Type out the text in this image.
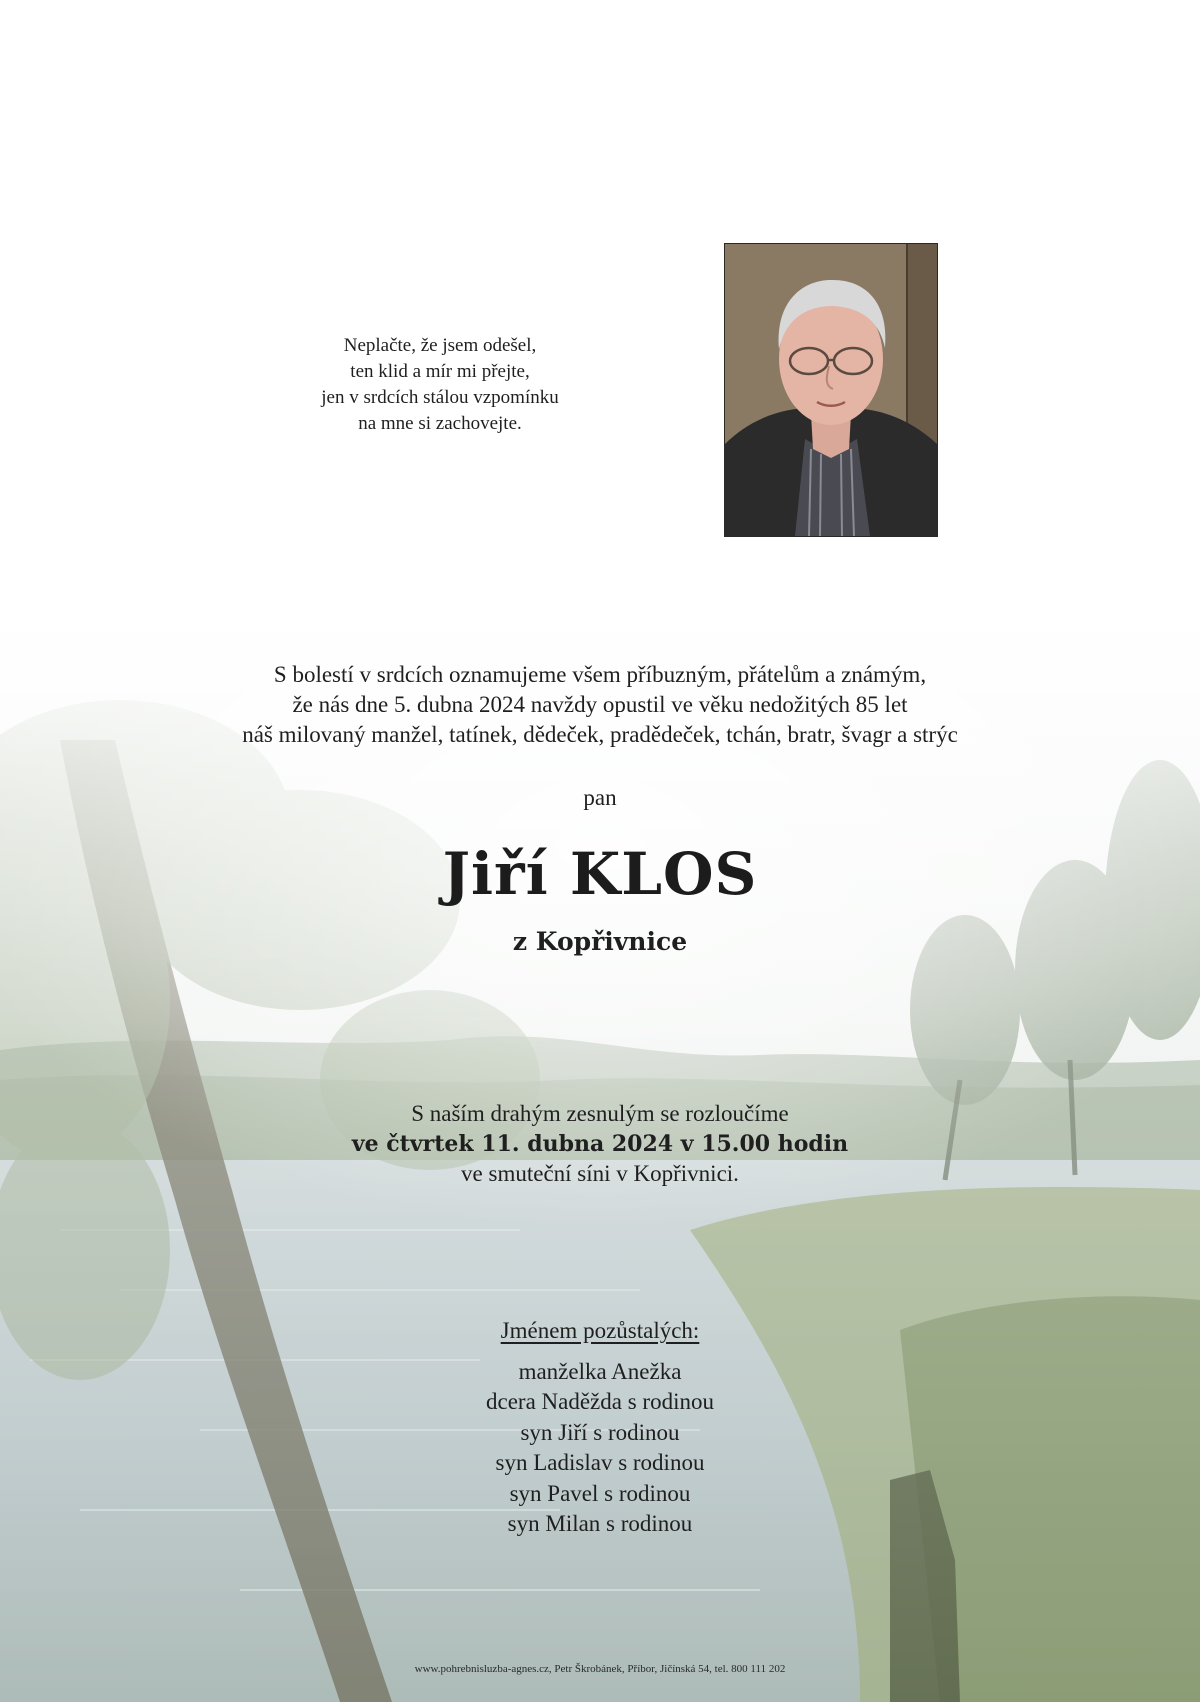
Neplačte, že jsem odešel,
ten klid a mír mi přejte,
jen v srdcích stálou vzpomínku
na mne si zachovejte.
S bolestí v srdcích oznamujeme všem příbuzným, přátelům a známým,
že nás dne 5. dubna 2024 navždy opustil ve věku nedožitých 85 let
náš milovaný manžel, tatínek, dědeček, pradědeček, tchán, bratr, švagr a strýc
pan
Jiří KLOS
z Kopřivnice
S naším drahým zesnulým se rozloučíme
ve čtvrtek 11. dubna 2024 v 15.00 hodin
ve smuteční síni v Kopřivnici.
Jménem pozůstalých:
manželka Anežka
dcera Naděžda s rodinou
syn Jiří s rodinou
syn Ladislav s rodinou
syn Pavel s rodinou
syn Milan s rodinou
www.pohrebnisluzba-agnes.cz, Petr Škrobánek, Příbor, Jičínská 54, tel. 800 111 202
